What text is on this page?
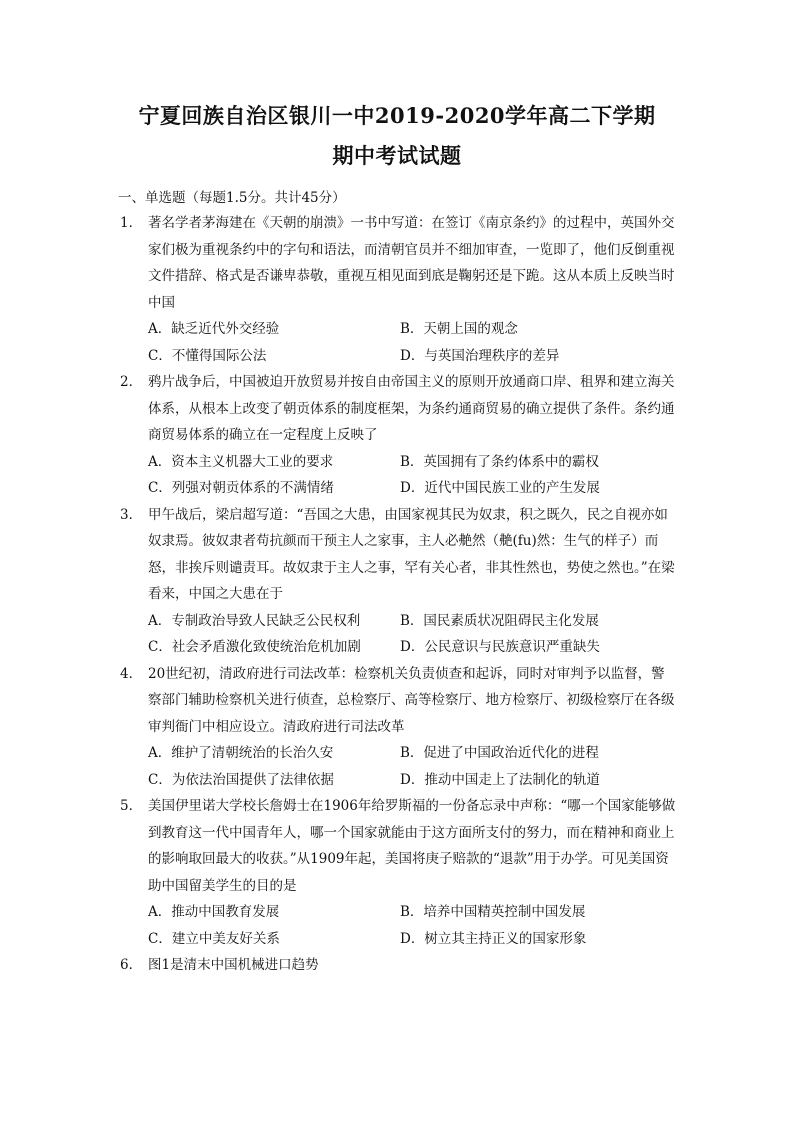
宁夏回族自治区银川一中2019-2020学年高二下学期
期中考试试题
一、单选题（每题1.5分。共计45分）
1． 著名学者茅海建在《天朝的崩溃》一书中写道：在签订《南京条约》的过程中，英国外交家们极为重视条约中的字句和语法，而清朝官员并不细加审查，一览即了，他们反倒重视文件措辞、格式是否谦卑恭敬，重视互相见面到底是鞠躬还是下跪。这从本质上反映当时中国
A．缺乏近代外交经验	B．天朝上国的观念
C．不懂得国际公法	D．与英国治理秩序的差异
2． 鸦片战争后，中国被迫开放贸易并按自由帝国主义的原则开放通商口岸、租界和建立海关体系，从根本上改变了朝贡体系的制度框架，为条约通商贸易的确立提供了条件。条约通商贸易体系的确立在一定程度上反映了
A．资本主义机器大工业的要求	B．英国拥有了条约体系中的霸权
C．列强对朝贡体系的不满情绪	D．近代中国民族工业的产生发展
3． 甲午战后，梁启超写道：“吾国之大患，由国家视其民为奴隶，积之既久，民之自视亦如奴隶焉。彼奴隶者苟抗颜而干预主人之家事，主人必艴然（艴(fu)然：生气的样子）而怒，非挨斥则谴责耳。故奴隶于主人之事，罕有关心者，非其性然也，势使之然也。”在梁看来，中国之大患在于
A．专制政治导致人民缺乏公民权利	B．国民素质状况阻碍民主化发展
C．社会矛盾激化致使统治危机加剧	D．公民意识与民族意识严重缺失
4． 20世纪初，清政府进行司法改革：检察机关负责侦查和起诉，同时对审判予以监督，警察部门辅助检察机关进行侦查，总检察厅、高等检察厅、地方检察厅、初级检察厅在各级审判衙门中相应设立。清政府进行司法改革
A．维护了清朝统治的长治久安	B．促进了中国政治近代化的进程
C．为依法治国提供了法律依据	D．推动中国走上了法制化的轨道
5． 美国伊里诺大学校长詹姆士在1906年给罗斯福的一份备忘录中声称：“哪一个国家能够做到教育这一代中国青年人，哪一个国家就能由于这方面所支付的努力，而在精神和商业上的影响取回最大的收获。”从1909年起，美国将庚子赔款的“退款”用于办学。可见美国资助中国留美学生的目的是
A．推动中国教育发展	B．培养中国精英控制中国发展
C．建立中美友好关系	D．树立其主持正义的国家形象
6． 图1是清末中国机械进口趋势
